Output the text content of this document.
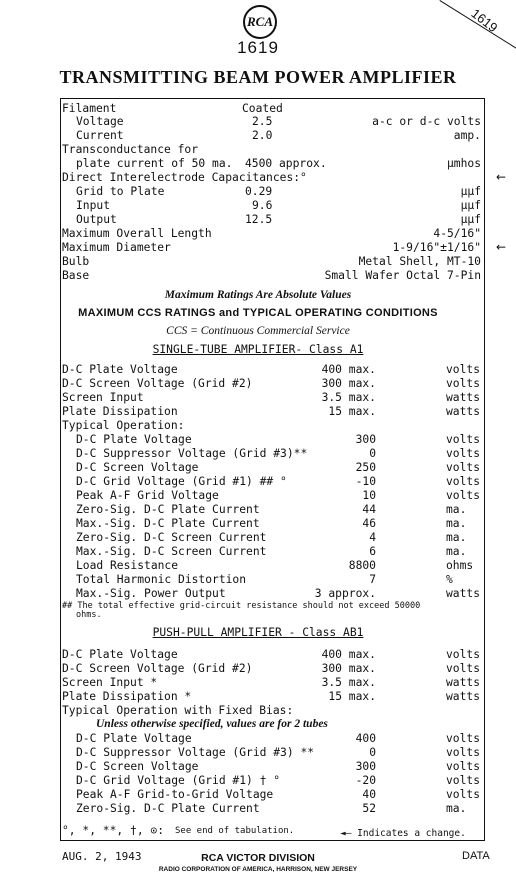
RCA
1619
1619
TRANSMITTING BEAM POWER AMPLIFIER
Filament	Coated
Voltage	2.5	a-c or d-c volts
Current	2.0	amp.
Transconductance for
plate current of 50 ma. 4500 approx.	µmhos
Direct Interelectrode Capacitances:°	←
Grid to Plate	0.29	µµf
Input	9.6	µµf
Output	12.5	µµf
Maximum Overall Length	4-5/16"
Maximum Diameter	1-9/16"±1/16" ←
Bulb	Metal Shell, MT-10
Base	Small Wafer Octal 7-Pin
Maximum Ratings Are Absolute Values
MAXIMUM CCS RATINGS and TYPICAL OPERATING CONDITIONS
CCS = Continuous Commercial Service
SINGLE-TUBE AMPLIFIER- Class A1
D-C Plate Voltage	400 max.	volts
D-C Screen Voltage (Grid #2)	300 max.	volts
Screen Input	3.5 max.	watts
Plate Dissipation	15 max.	watts
Typical Operation:
D-C Plate Voltage	300	volts
D-C Suppressor Voltage (Grid #3)**	0	volts
D-C Screen Voltage	250	volts
D-C Grid Voltage (Grid #1) ## °	-10	volts
Peak A-F Grid Voltage	10	volts
Zero-Sig. D-C Plate Current	44	ma.
Max.-Sig. D-C Plate Current	46	ma.
Zero-Sig. D-C Screen Current	4	ma.
Max.-Sig. D-C Screen Current	6	ma.
Load Resistance	8800	ohms
Total Harmonic Distortion	7	%
Max.-Sig. Power Output	3 approx.	watts
## The total effective grid-circuit resistance should not exceed 50000
ohms.
PUSH-PULL AMPLIFIER - Class AB1
D-C Plate Voltage	400 max.	volts
D-C Screen Voltage (Grid #2)	300 max.	volts
Screen Input *	3.5 max.	watts
Plate Dissipation *	15 max.	watts
Typical Operation with Fixed Bias:
Unless otherwise specified, values are for 2 tubes
D-C Plate Voltage	400	volts
D-C Suppressor Voltage (Grid #3) **	0	volts
D-C Screen Voltage	300	volts
D-C Grid Voltage (Grid #1) † °	-20	volts
Peak A-F Grid-to-Grid Voltage	40	volts
Zero-Sig. D-C Plate Current	52	ma.
°, *, **, †, ⊙: See end of tabulation.	◄— Indicates a change.
AUG. 2, 1943	RCA VICTOR DIVISION
RADIO CORPORATION OF AMERICA, HARRISON, NEW JERSEY
DATA
